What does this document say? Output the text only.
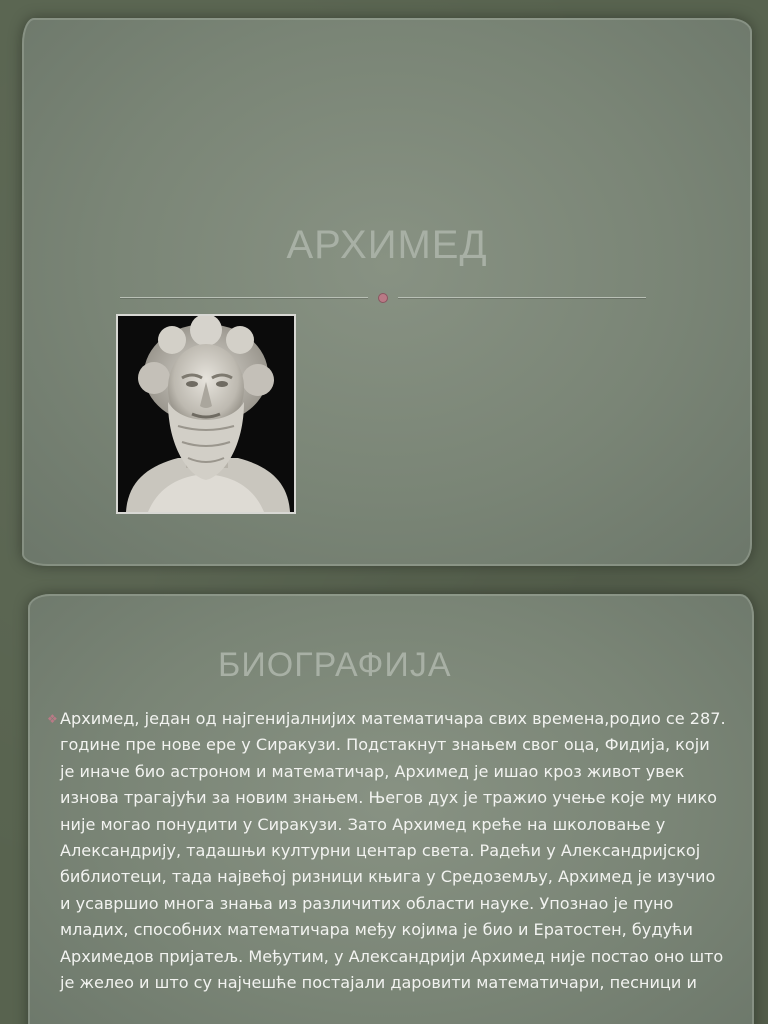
АРХИМЕД
БИОГРАФИЈА

❖ Архимед, један од најгенијалнијих математичара свих времена,родио се 287. године пре нове ере у Сиракузи. Подстакнут знањем свог оца, Фидија, који је иначе био астроном и математичар, Архимед је ишао кроз живот увек изнова трагајући за новим знањем. Његов дух је тражио учење које му нико није могао понудити у Сиракузи. Зато Архимед креће на школовање у Александрију, тадашњи културни центар света. Радећи у Александријској библиотеци, тада највећој ризници књига у Средоземљу, Архимед је изучио и усавршио многа знања из различитих области науке. Упознао је пуно младих, способних математичара међу којима је био и Ератостен, будући Архимедов пријатељ. Међутим, у Александрији Архимед није постао оно што је желео и што су најчешће постајали даровити математичари, песници и
